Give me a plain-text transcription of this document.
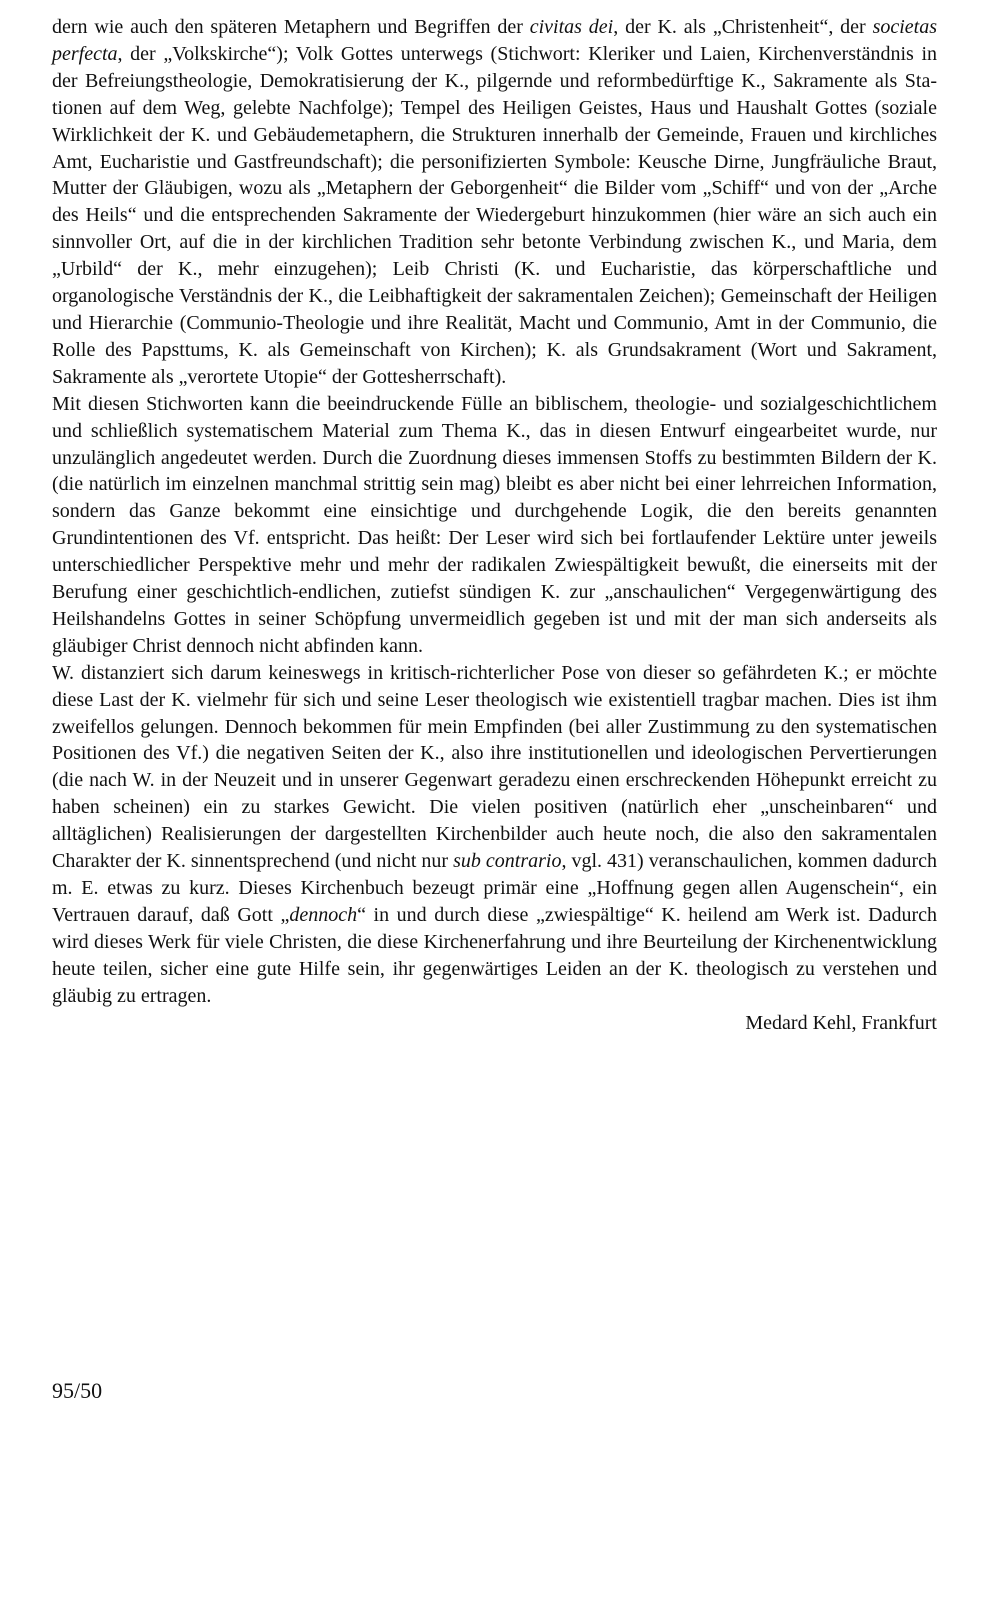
dern wie auch den späteren Metaphern und Begriffen der civitas dei, der K. als „Christenheit“, der societas perfecta, der „Volkskirche“); Volk Gottes unterwegs (Stichwort: Kleriker und Laien, Kirchenverständnis in der Befreiungstheologie, Demokratisierung der K., pilgernde und reformbedürftige K., Sakramente als Stationen auf dem Weg, gelebte Nachfolge); Tempel des Heiligen Geistes, Haus und Haushalt Gottes (soziale Wirklichkeit der K. und Gebäudemetaphern, die Strukturen innerhalb der Gemeinde, Frauen und kirchliches Amt, Eucharistie und Gastfreundschaft); die personifizierten Symbole: Keusche Dirne, Jungfräuliche Braut, Mutter der Gläubigen, wozu als „Metaphern der Geborgenheit“ die Bilder vom „Schiff“ und von der „Arche des Heils“ und die entsprechenden Sakramente der Wiedergeburt hinzukommen (hier wäre an sich auch ein sinnvoller Ort, auf die in der kirchlichen Tradition sehr betonte Verbindung zwischen K., und Maria, dem „Urbild“ der K., mehr einzugehen); Leib Christi (K. und Eucharistie, das körperschaftliche und organologische Verständnis der K., die Leibhaftigkeit der sakramentalen Zeichen); Gemeinschaft der Heiligen und Hierarchie (Communio-Theologie und ihre Realität, Macht und Communio, Amt in der Communio, die Rolle des Papsttums, K. als Gemeinschaft von Kirchen); K. als Grundsakrament (Wort und Sakrament, Sakramente als „verortete Utopie“ der Gottesherrschaft).

Mit diesen Stichworten kann die beeindruckende Fülle an biblischem, theologie- und sozialgeschichtlichem und schließlich systematischem Material zum Thema K., das in diesen Entwurf eingearbeitet wurde, nur unzulänglich angedeutet werden. Durch die Zuordnung dieses immensen Stoffs zu bestimmten Bildern der K. (die natürlich im einzelnen manchmal strittig sein mag) bleibt es aber nicht bei einer lehrreichen Information, sondern das Ganze bekommt eine einsichtige und durchgehende Logik, die den bereits genannten Grundintentionen des Vf. entspricht. Das heißt: Der Leser wird sich bei fortlaufender Lektüre unter jeweils unterschiedlicher Perspektive mehr und mehr der radikalen Zwiespältigkeit bewußt, die einerseits mit der Berufung einer geschichtlich-endlichen, zutiefst sündigen K. zur „anschaulichen“ Vergegenwärtigung des Heilshandelns Gottes in seiner Schöpfung unvermeidlich gegeben ist und mit der man sich anderseits als gläubiger Christ dennoch nicht abfinden kann.

W. distanziert sich darum keineswegs in kritisch-richterlicher Pose von dieser so gefährdeten K.; er möchte diese Last der K. vielmehr für sich und seine Leser theologisch wie existentiell tragbar machen. Dies ist ihm zweifellos gelungen. Dennoch bekommen für mein Empfinden (bei aller Zustimmung zu den systematischen Positionen des Vf.) die negativen Seiten der K., also ihre institutionellen und ideologischen Pervertierungen (die nach W. in der Neuzeit und in unserer Gegenwart geradezu einen erschreckenden Höhepunkt erreicht zu haben scheinen) ein zu starkes Gewicht. Die vielen positiven (natürlich eher „unscheinbaren“ und alltäglichen) Realisierungen der dargestellten Kirchenbilder auch heute noch, die also den sakramentalen Charakter der K. sinnentsprechend (und nicht nur sub contrario, vgl. 431) veranschaulichen, kommen dadurch m. E. etwas zu kurz. Dieses Kirchenbuch bezeugt primär eine „Hoffnung gegen allen Augenschein“, ein Vertrauen darauf, daß Gott „dennoch“ in und durch diese „zwiespältige“ K. heilend am Werk ist. Dadurch wird dieses Werk für viele Christen, die diese Kirchenerfahrung und ihre Beurteilung der Kirchenentwicklung heute teilen, sicher eine gute Hilfe sein, ihr gegenwärtiges Leiden an der K. theologisch zu verstehen und gläubig zu ertragen.

Medard Kehl, Frankfurt

95/50
